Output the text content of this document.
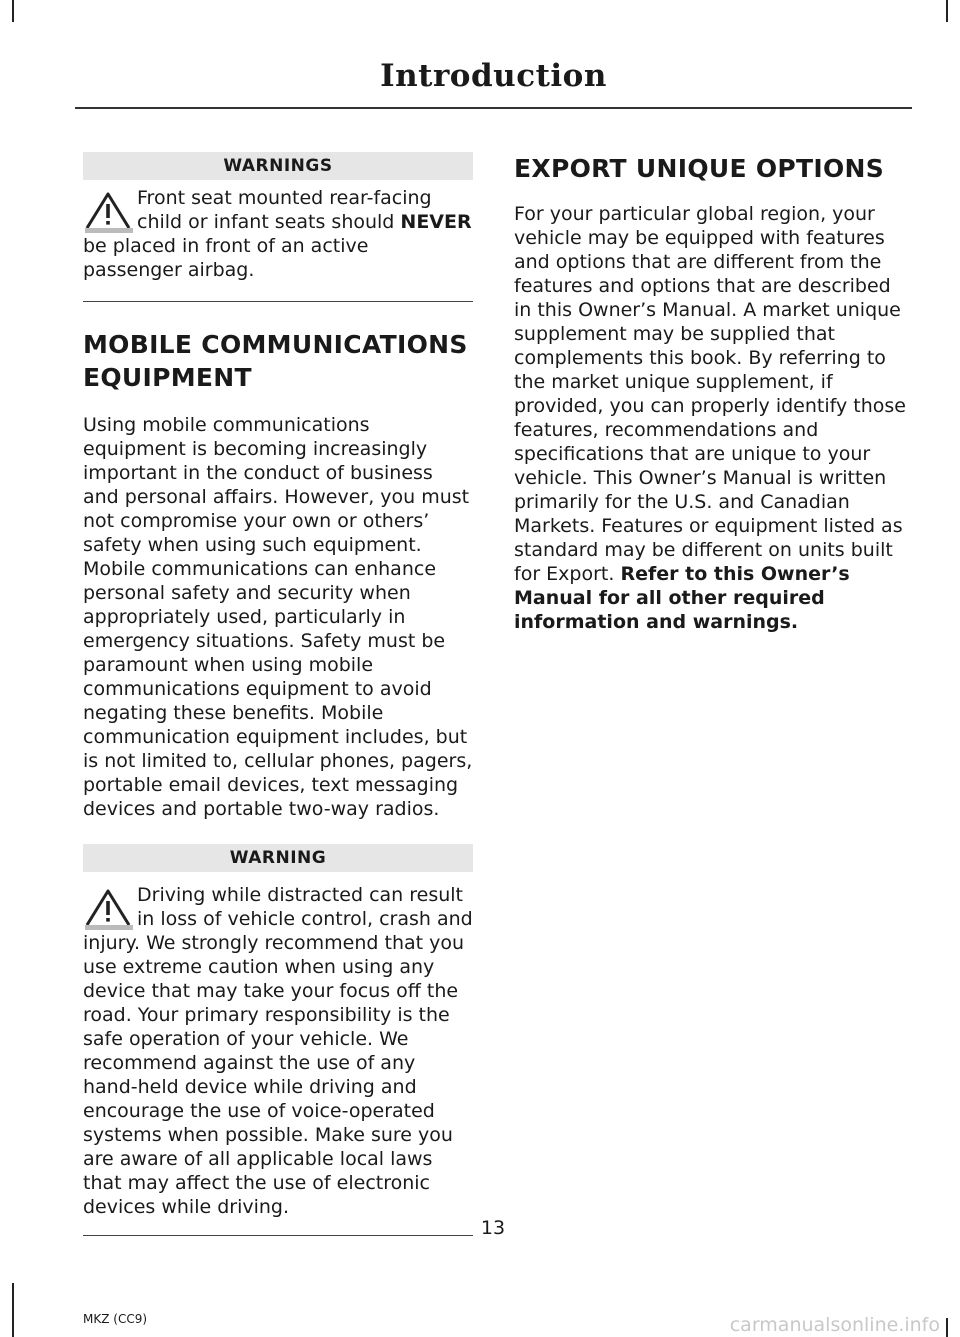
Introduction
WARNINGS
Front seat mounted rear-facing child or infant seats should NEVER be placed in front of an active passenger airbag.
MOBILE COMMUNICATIONS
EQUIPMENT
Using mobile communications equipment is becoming increasingly important in the conduct of business and personal affairs. However, you must not compromise your own or others’ safety when using such equipment. Mobile communications can enhance personal safety and security when appropriately used, particularly in emergency situations. Safety must be paramount when using mobile communications equipment to avoid negating these benefits. Mobile communication equipment includes, but is not limited to, cellular phones, pagers, portable email devices, text messaging devices and portable two-way radios.
WARNING
Driving while distracted can result in loss of vehicle control, crash and injury. We strongly recommend that you use extreme caution when using any device that may take your focus off the road. Your primary responsibility is the safe operation of your vehicle. We recommend against the use of any hand-held device while driving and encourage the use of voice-operated systems when possible. Make sure you are aware of all applicable local laws that may affect the use of electronic devices while driving.
EXPORT UNIQUE OPTIONS
For your particular global region, your vehicle may be equipped with features and options that are different from the features and options that are described in this Owner’s Manual. A market unique supplement may be supplied that complements this book. By referring to the market unique supplement, if provided, you can properly identify those features, recommendations and specifications that are unique to your vehicle. This Owner’s Manual is written primarily for the U.S. and Canadian Markets. Features or equipment listed as standard may be different on units built for Export. Refer to this Owner’s Manual for all other required information and warnings.
13
MKZ (CC9)	carmanualsonline.info
